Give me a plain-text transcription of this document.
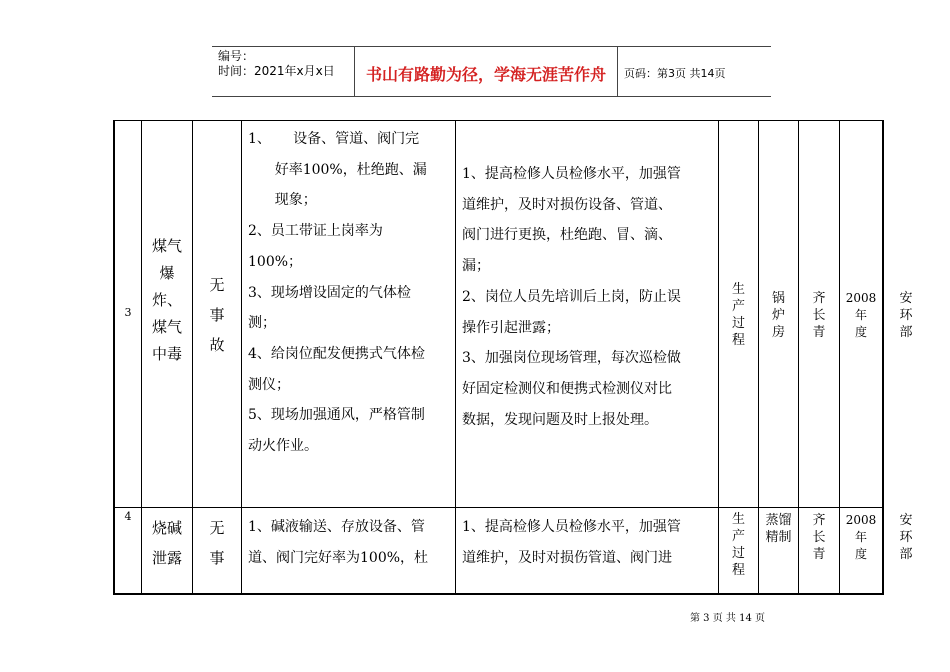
编号：
时间：2021年x月x日	书山有路勤为径，学海无涯苦作舟	页码：第3页 共14页
3
煤气
爆
炸、
煤气
中毒
无
事
故
1、     设备、管道、阀门完
好率100%，杜绝跑、漏
现象；
2、员工带证上岗率为
100%；
3、现场增设固定的气体检
测；
4、给岗位配发便携式气体检
测仪；
5、现场加强通风，严格管制
动火作业。
1、提高检修人员检修水平，加强管
道维护，及时对损伤设备、管道、
阀门进行更换，杜绝跑、冒、滴、
漏；
2、岗位人员先培训后上岗，防止误
操作引起泄露；
3、加强岗位现场管理，每次巡检做
好固定检测仪和便携式检测仪对比
数据，发现问题及时上报处理。
生
产
过
程
锅
炉
房
齐
长
青
2008
年
度
安
环
部
4
烧碱
泄露
无
事
1、碱液输送、存放设备、管
道、阀门完好率为100%，杜
1、提高检修人员检修水平，加强管
道维护，及时对损伤管道、阀门进
生
产
过
程
蒸馏
精制
齐
长
青
2008
年
度
安
环
部
第 3 页 共 14 页
